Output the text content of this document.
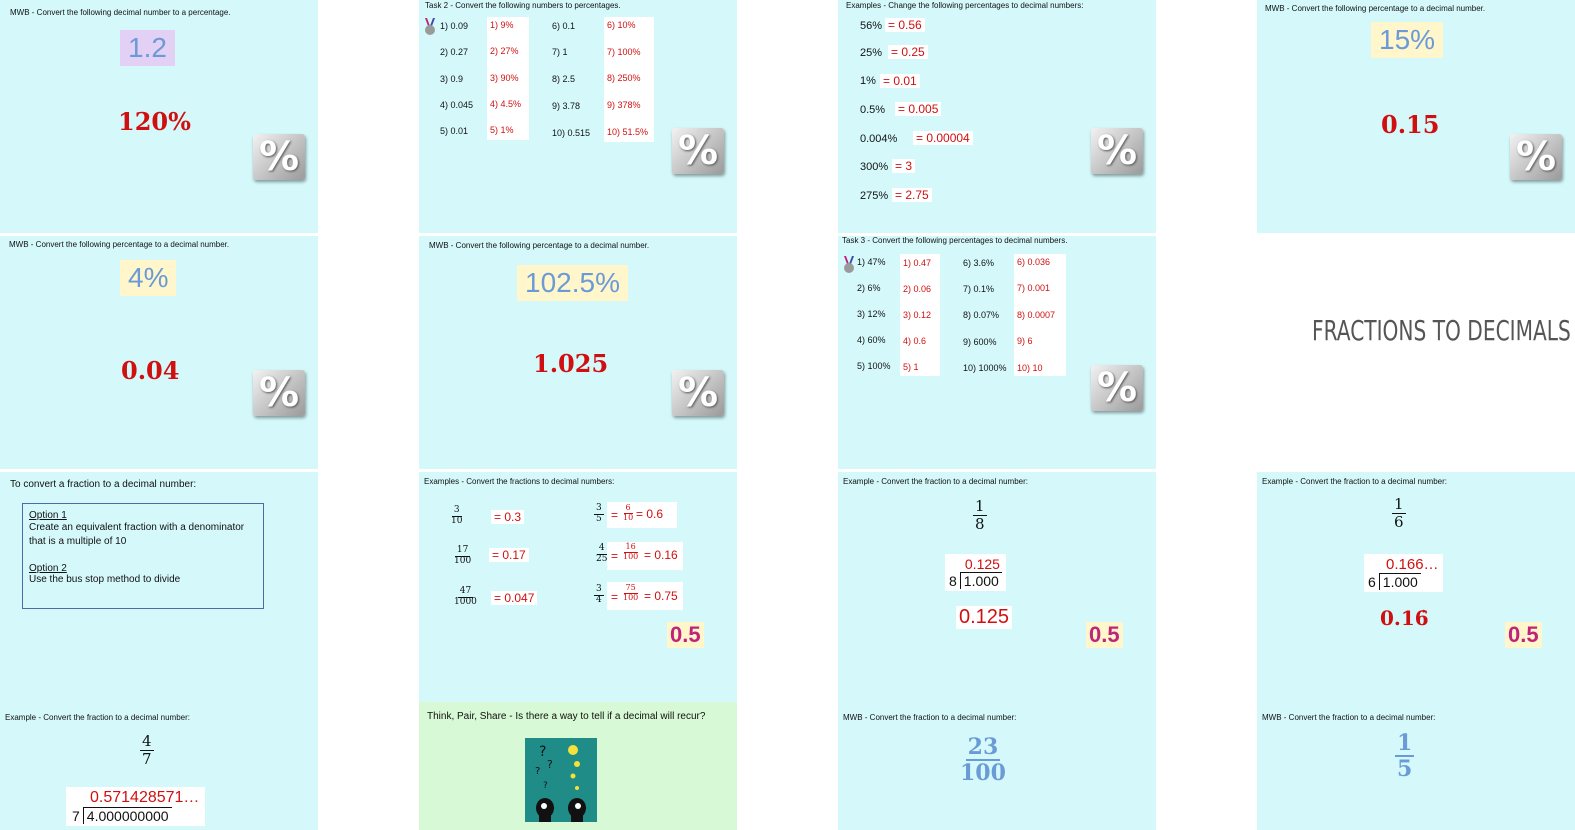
MWB - Convert the following decimal number to a percentage.
1.2
120%
%
Task 2 - Convert the following numbers to percentages.
1) 0.09
2) 0.27
3) 0.9
4) 0.045
5) 0.01
1) 9%
2) 27%
3) 90%
4) 4.5%
5) 1%
6) 0.1
7) 1
8) 2.5
9) 3.78
10) 0.515
6) 10%
7) 100%
8) 250%
9) 378%
10) 51.5% %
Examples - Change the following percentages to decimal numbers:
56%
25%
1%
0.5%
0.004%
300%
275%
= 0.56
= 0.25
= 0.01
= 0.005
= 0.00004
= 3
= 2.75
%
MWB - Convert the following percentage to a decimal number.
15%
0.15
%
MWB - Convert the following percentage to a decimal number.
4%
0.04 %
MWB - Convert the following percentage to a decimal number.
102.5%
1.025
%
Task 3 - Convert the following percentages to decimal numbers.
1) 47%
2) 6%
3) 12%
4) 60%
5) 100%
1) 0.47
2) 0.06
3) 0.12
4) 0.6
5) 1
6) 3.6%
7) 0.1%
8) 0.07%
9) 600%
10) 1000%
6) 0.036
7) 0.001
8) 0.0007
9) 6
10) 10 %
FRACTIONS TO DECIMALS
To convert a fraction to a decimal number:
Option 1
Create an equivalent fraction with a denominator that is a multiple of 10
Option 2
Use the bus stop method to divide
Examples - Convert the fractions to decimal numbers:
$\frac{3}{10} = 0.3$
$\frac{17}{100} = 0.17$
$\frac{47}{1000} = 0.047$
$\frac{3}{5} = \frac{6}{10} = 0.6$
$\frac{4}{25} = \frac{16}{100} = 0.16$
$\frac{3}{4} = \frac{75}{100} = 0.75$
0.5
Example - Convert the fraction to a decimal number:
$\frac{1}{8}$
0.125
8 1.000
0.125
0.5
Example - Convert the fraction to a decimal number:
$\frac{1}{6}$
0.166…
6 1.000
0.16̇
0.5
Example - Convert the fraction to a decimal number:
$\frac{4}{7}$
0.571428571…
7 4.000000000
Think, Pair, Share - Is there a way to tell if a decimal will recur?
?
?
?
?
MWB - Convert the fraction to a decimal number:
$\frac{23}{100}$
MWB - Convert the fraction to a decimal number:
$\frac{1}{5}$
